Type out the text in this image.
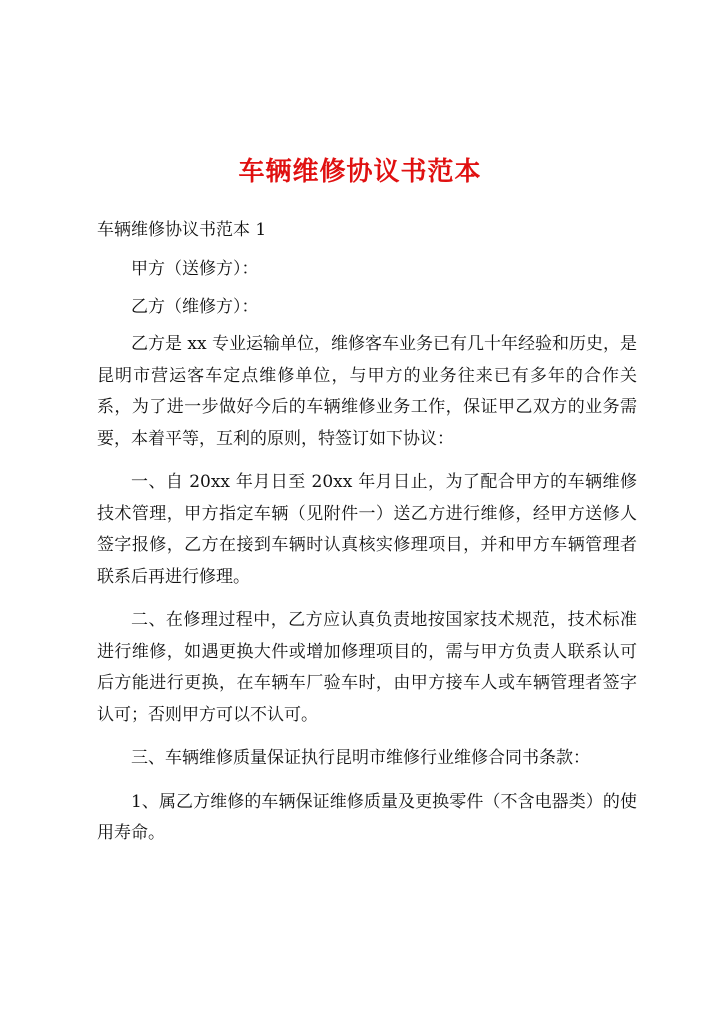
车辆维修协议书范本
车辆维修协议书范本 1

甲方（送修方）：

乙方（维修方）：

乙方是 xx 专业运输单位，维修客车业务已有几十年经验和历史，是昆明市营运客车定点维修单位，与甲方的业务往来已有多年的合作关系，为了进一步做好今后的车辆维修业务工作，保证甲乙双方的业务需要，本着平等，互利的原则，特签订如下协议：

一、自 20xx 年月日至 20xx 年月日止，为了配合甲方的车辆维修技术管理，甲方指定车辆（见附件一）送乙方进行维修，经甲方送修人签字报修，乙方在接到车辆时认真核实修理项目，并和甲方车辆管理者联系后再进行修理。

二、在修理过程中，乙方应认真负责地按国家技术规范，技术标准进行维修，如遇更换大件或增加修理项目的，需与甲方负责人联系认可后方能进行更换，在车辆车厂验车时，由甲方接车人或车辆管理者签字认可；否则甲方可以不认可。

三、车辆维修质量保证执行昆明市维修行业维修合同书条款：

1、属乙方维修的车辆保证维修质量及更换零件（不含电器类）的使用寿命。
